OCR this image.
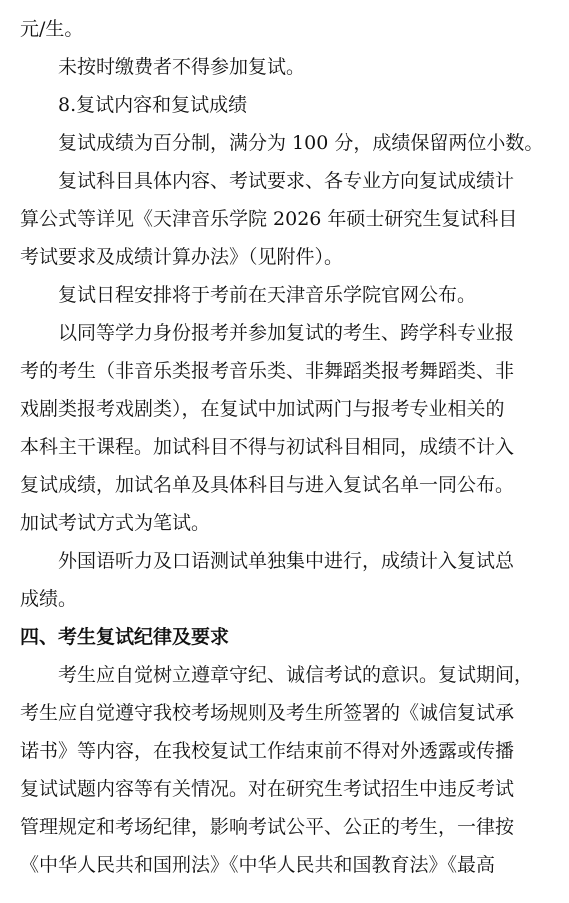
元/生。
未按时缴费者不得参加复试。
8.复试内容和复试成绩
复试成绩为百分制，满分为 100 分，成绩保留两位小数。
复试科目具体内容、考试要求、各专业方向复试成绩计
算公式等详见《天津音乐学院 2026 年硕士研究生复试科目
考试要求及成绩计算办法》（见附件）。
复试日程安排将于考前在天津音乐学院官网公布。
以同等学力身份报考并参加复试的考生、跨学科专业报
考的考生（非音乐类报考音乐类、非舞蹈类报考舞蹈类、非
戏剧类报考戏剧类），在复试中加试两门与报考专业相关的
本科主干课程。加试科目不得与初试科目相同，成绩不计入
复试成绩，加试名单及具体科目与进入复试名单一同公布。
加试考试方式为笔试。
外国语听力及口语测试单独集中进行，成绩计入复试总
成绩。
四、考生复试纪律及要求
考生应自觉树立遵章守纪、诚信考试的意识。复试期间，
考生应自觉遵守我校考场规则及考生所签署的《诚信复试承
诺书》等内容，在我校复试工作结束前不得对外透露或传播
复试试题内容等有关情况。对在研究生考试招生中违反考试
管理规定和考场纪律，影响考试公平、公正的考生，一律按
《中华人民共和国刑法》《中华人民共和国教育法》《最高
